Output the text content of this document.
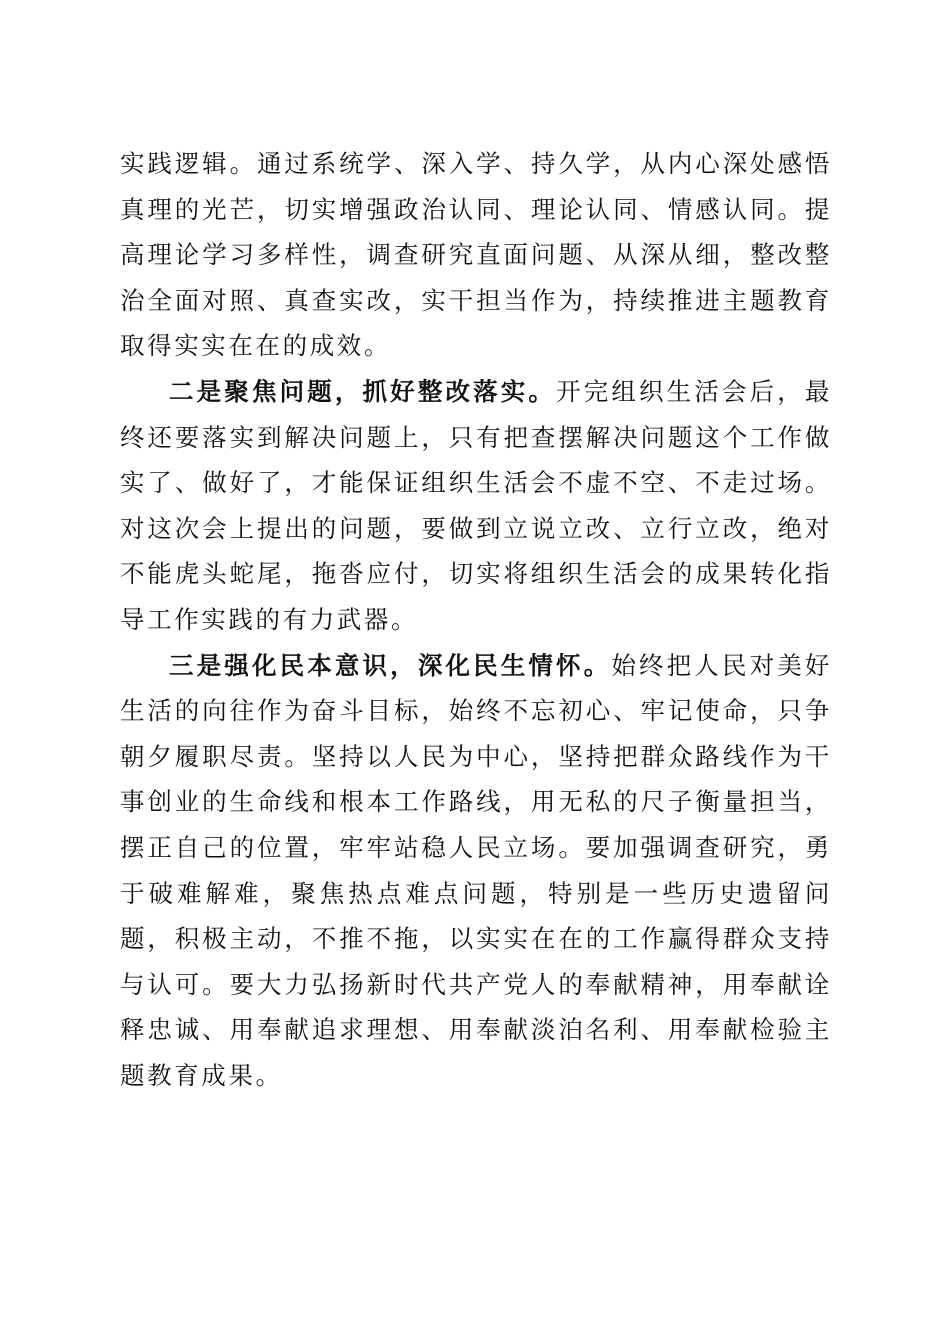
实践逻辑。通过系统学、深入学、持久学，从内心深处感悟真理的光芒，切实增强政治认同、理论认同、情感认同。提高理论学习多样性，调查研究直面问题、从深从细，整改整治全面对照、真查实改，实干担当作为，持续推进主题教育取得实实在在的成效。

二是聚焦问题，抓好整改落实。开完组织生活会后，最终还要落实到解决问题上，只有把查摆解决问题这个工作做实了、做好了，才能保证组织生活会不虚不空、不走过场。对这次会上提出的问题，要做到立说立改、立行立改，绝对不能虎头蛇尾，拖沓应付，切实将组织生活会的成果转化指导工作实践的有力武器。

三是强化民本意识，深化民生情怀。始终把人民对美好生活的向往作为奋斗目标，始终不忘初心、牢记使命，只争朝夕履职尽责。坚持以人民为中心，坚持把群众路线作为干事创业的生命线和根本工作路线，用无私的尺子衡量担当，摆正自己的位置，牢牢站稳人民立场。要加强调查研究，勇于破难解难，聚焦热点难点问题，特别是一些历史遗留问题，积极主动，不推不拖，以实实在在的工作赢得群众支持与认可。要大力弘扬新时代共产党人的奉献精神，用奉献诠释忠诚、用奉献追求理想、用奉献淡泊名利、用奉献检验主题教育成果。
